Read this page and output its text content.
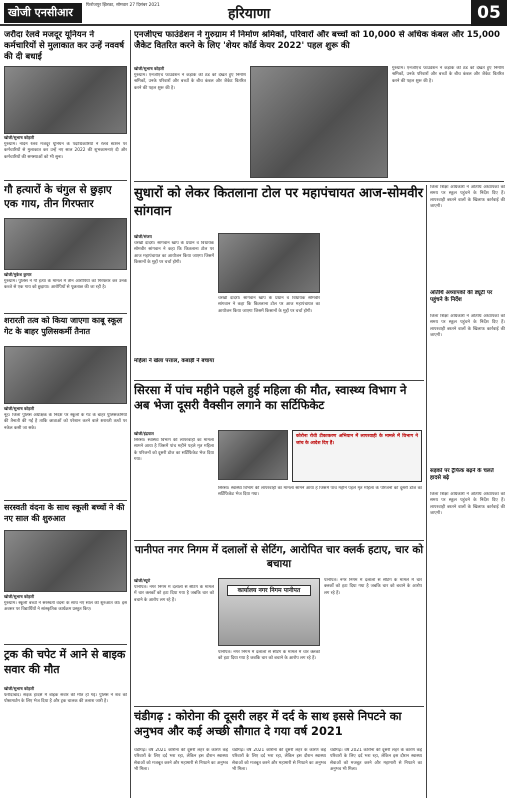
खोजी एनसीआर
फिरोजपुर झिरका, सोमवार 27 दिसंबर 2021
हरियाणा	05
जरौदा रेलवे मजदूर यूनियन ने कर्मचारियों से मुलाकात कर उन्हें नववर्ष की दी बधाई
खोजी/सुभाष कोहली
गुरुग्राम। नॉर्दर्न रेलवे मजदूर यूनियन के पदाधिकारियों ने रेलवे स्टेशन पर कर्मचारियों से मुलाकात कर उन्हें नए साल 2022 की शुभकामनाएं दी और कर्मचारियों की समस्याओं को भी सुना।
गौ हत्यारों के चंगुल से छुड़ाए एक गाय, तीन गिरफ्तार
खोजी/मुकेश कुमार
गुरुग्राम। पुलिस ने गौ हत्या के मामले में तीन आरोपियों को गिरफ्तार कर उनके कब्जे से एक गाय को छुड़ाया। आरोपियों से पूछताछ की जा रही है।
शरारती तत्व को किया जाएगा काबू स्कूल गेट के बाहर पुलिसकर्मी तैनात
खोजी/सुभाष कोहली
नूंह। जिला पुलिस अधीक्षक के निर्देश पर स्कूलों के गेट के बाहर पुलिसकर्मियों की तैनाती की गई है ताकि छात्राओं को परेशान करने वाले शरारती तत्वों पर नकेल कसी जा सके।
सरस्वती वंदना के साथ स्कूली बच्चों ने की नए साल की शुरुआत
खोजी/सुभाष कोहली
गुरुग्राम। स्कूली बच्चों ने सरस्वती वंदना के साथ नए साल की शुरुआत की। इस अवसर पर विद्यार्थियों ने सांस्कृतिक कार्यक्रम प्रस्तुत किए।
ट्रक की चपेट में आने से बाइक सवार की मौत
खोजी/सुभाष कोहली
फरीदाबाद। सड़क हादसे में बाइक सवार की मौत हो गई। पुलिस ने शव को पोस्टमार्टम के लिए भेज दिया है और ट्रक चालक की तलाश जारी है।
एनजीएच फाउंडेशन ने गुरुग्राम में निर्माण श्रमिकों, परिवारों और बच्चों को 10,000 से अधिक कंबल और 15,000 जैकेट वितरित करने के लिए 'शेयर कॉर्ड केयर 2022' पहल शुरू की
खोजी/सुभाष कोहली
गुरुग्राम। एनजीएच फाउंडेशन ने कड़ाके की ठंड को देखते हुए निर्माण श्रमिकों, उनके परिवारों और बच्चों के बीच कंबल और जैकेट वितरित करने की पहल शुरू की है।
गुरुग्राम। एनजीएच फाउंडेशन ने कड़ाके की ठंड को देखते हुए निर्माण श्रमिकों, उनके परिवारों और बच्चों के बीच कंबल और जैकेट वितरित करने की पहल शुरू की है।
सुधारों को लेकर कितलाना टोल पर महापंचायत आज-सोमवीर सांगवान
खोजी/संजय
चरखी दादरी। सांगवान खाप के प्रधान व विधायक सोमवीर सांगवान ने कहा कि कितलाना टोल पर आज महापंचायत का आयोजन किया जाएगा जिसमें किसानों के मुद्दों पर चर्चा होगी।
चरखी दादरी। सांगवान खाप के प्रधान व विधायक सोमवीर सांगवान ने कहा कि कितलाना टोल पर आज महापंचायत का आयोजन किया जाएगा जिसमें किसानों के मुद्दों पर चर्चा होगी।
जिला शिक्षा अधिकारी ने अतिथि अध्यापकों को समय पर स्कूल पहुंचने के निर्देश दिए हैं। लापरवाही बरतने वालों के खिलाफ कार्रवाई की जाएगी।
अतिथि अध्यापकों की ड्यूटी पर पहुंचने के निर्देश
जिला शिक्षा अधिकारी ने अतिथि अध्यापकों को समय पर स्कूल पहुंचने के निर्देश दिए हैं। लापरवाही बरतने वालों के खिलाफ कार्रवाई की जाएगी।
सिरसा में पांच महीने पहले हुई महिला की मौत, स्वास्थ्य विभाग ने अब भेजा दूसरी वैक्सीन लगाने का सर्टिफिकेट
महिला ने खेला पत्ताल, कबाड़ी ने बचाया
खोजी/इंद्रपाल
सिरसा। स्वास्थ्य विभाग की लापरवाही का मामला सामने आया है जिसमें पांच महीने पहले मृत महिला के परिजनों को दूसरी डोज का सर्टिफिकेट भेज दिया गया।
कोरोना रोधी टीकाकरण अभियान में लापरवाही के मामले में विभाग ने जांच के आदेश दिए हैं।
सिरसा। स्वास्थ्य विभाग की लापरवाही का मामला सामने आया है जिसमें पांच महीने पहले मृत महिला के परिजनों को दूसरी डोज का सर्टिफिकेट भेज दिया गया।
सड़कों पर ट्रैफिक बढ़ने के चलते हादसे बढ़े
जिला शिक्षा अधिकारी ने अतिथि अध्यापकों को समय पर स्कूल पहुंचने के निर्देश दिए हैं। लापरवाही बरतने वालों के खिलाफ कार्रवाई की जाएगी।
पानीपत नगर निगम में दलालों से सेटिंग, आरोपित चार क्लर्क हटाए, चार को बचाया
खोजी/ब्यूरो
पानीपत। नगर निगम में दलालों से सेटिंग के मामले में चार क्लर्कों को हटा दिया गया है जबकि चार को बचाने के आरोप लग रहे हैं।
कार्यालय नगर निगम पानीपत
पानीपत। नगर निगम में दलालों से सेटिंग के मामले में चार क्लर्कों को हटा दिया गया है जबकि चार को बचाने के आरोप लग रहे हैं।
पानीपत। नगर निगम में दलालों से सेटिंग के मामले में चार क्लर्कों को हटा दिया गया है जबकि चार को बचाने के आरोप लग रहे हैं।
चंडीगढ़ : कोरोना की दूसरी लहर में दर्द के साथ इससे निपटने का अनुभव और कई अच्छी सौगात दे गया वर्ष 2021
चंडीगढ़। वर्ष 2021 कोरोना की दूसरी लहर के कारण कई परिवारों के लिए दर्द भरा रहा, लेकिन इस दौरान स्वास्थ्य सेवाओं को मजबूत करने और महामारी से निपटने का अनुभव भी मिला।
चंडीगढ़। वर्ष 2021 कोरोना की दूसरी लहर के कारण कई परिवारों के लिए दर्द भरा रहा, लेकिन इस दौरान स्वास्थ्य सेवाओं को मजबूत करने और महामारी से निपटने का अनुभव भी मिला।
चंडीगढ़। वर्ष 2021 कोरोना की दूसरी लहर के कारण कई परिवारों के लिए दर्द भरा रहा, लेकिन इस दौरान स्वास्थ्य सेवाओं को मजबूत करने और महामारी से निपटने का अनुभव भी मिला।
